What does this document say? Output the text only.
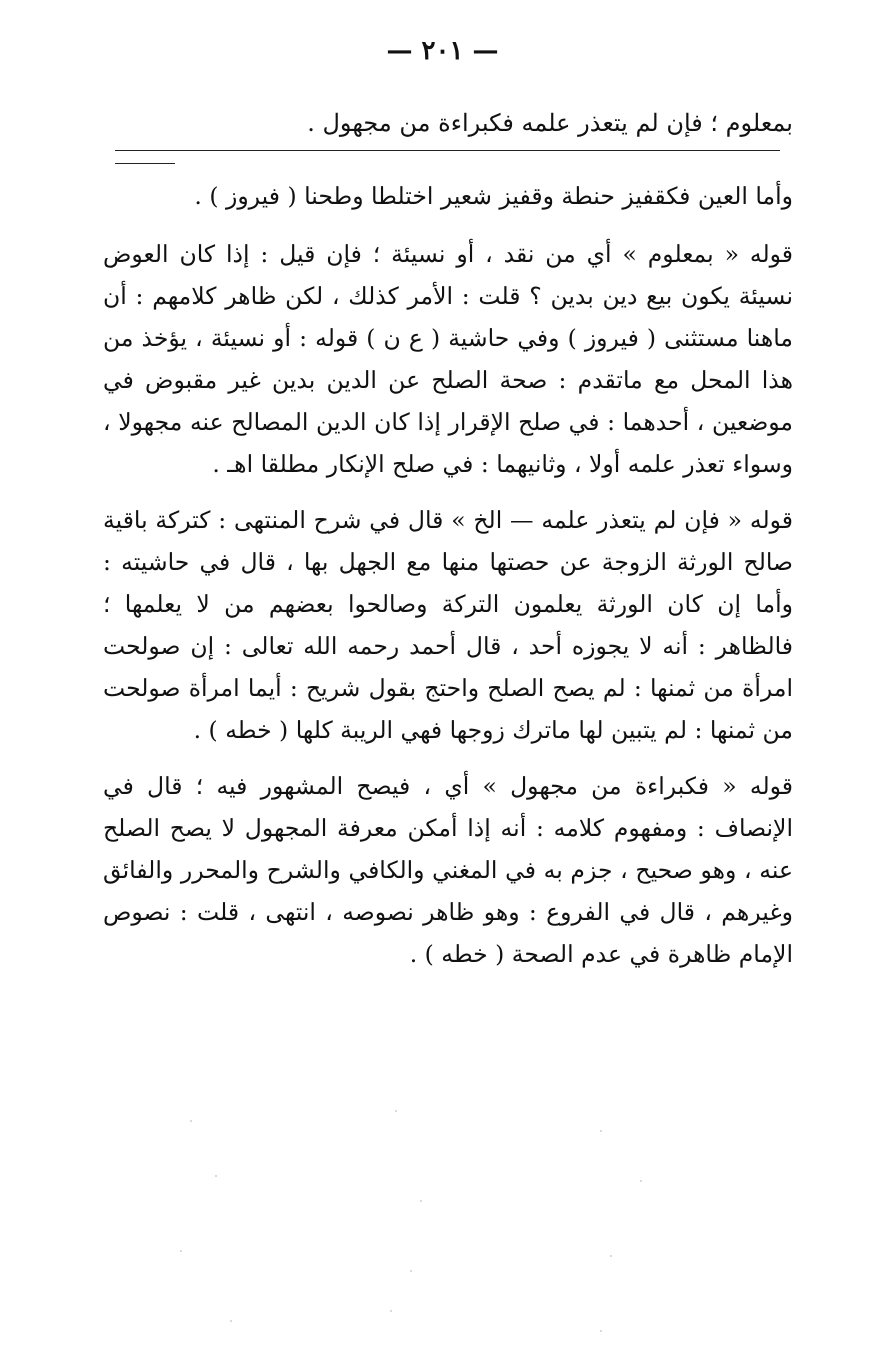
— ٢٠١ —
بمعلوم ؛ فإن لم يتعذر علمه فكبراءة من مجهول .

وأما العين فكقفيز حنطة وقفيز شعير اختلطا وطحنا ( فيروز ) .

قوله « بمعلوم » أي من نقد ، أو نسيئة ؛ فإن قيل : إذا كان العوض نسيئة يكون بيع دين بدين ؟ قلت : الأمر كذلك ، لكن ظاهر كلامهم : أن ماهنا مستثنى ( فيروز ) وفي حاشية ( ع ن ) قوله : أو نسيئة ، يؤخذ من هذا المحل مع ماتقدم : صحة الصلح عن الدين بدين غير مقبوض في موضعين ، أحدهما : في صلح الإقرار إذا كان الدين المصالح عنه مجهولا ، وسواء تعذر علمه أولا ، وثانيهما : في صلح الإنكار مطلقا اهـ .

قوله « فإن لم يتعذر علمه — الخ » قال في شرح المنتهى : كتركة باقية صالح الورثة الزوجة عن حصتها منها مع الجهل بها ، قال في حاشيته : وأما إن كان الورثة يعلمون التركة وصالحوا بعضهم من لا يعلمها ؛ فالظاهر : أنه لا يجوزه أحد ، قال أحمد رحمه الله تعالى : إن صولحت امرأة من ثمنها : لم يصح الصلح واحتج بقول شريح : أيما امرأة صولحت من ثمنها : لم يتبين لها ماترك زوجها فهي الريبة كلها ( خطه ) .

قوله « فكبراءة من مجهول » أي ، فيصح المشهور فيه ؛ قال في الإنصاف : ومفهوم كلامه : أنه إذا أمكن معرفة المجهول لا يصح الصلح عنه ، وهو صحيح ، جزم به في المغني والكافي والشرح والمحرر والفائق وغيرهم ، قال في الفروع : وهو ظاهر نصوصه ، انتهى ، قلت : نصوص الإمام ظاهرة في عدم الصحة ( خطه ) .
